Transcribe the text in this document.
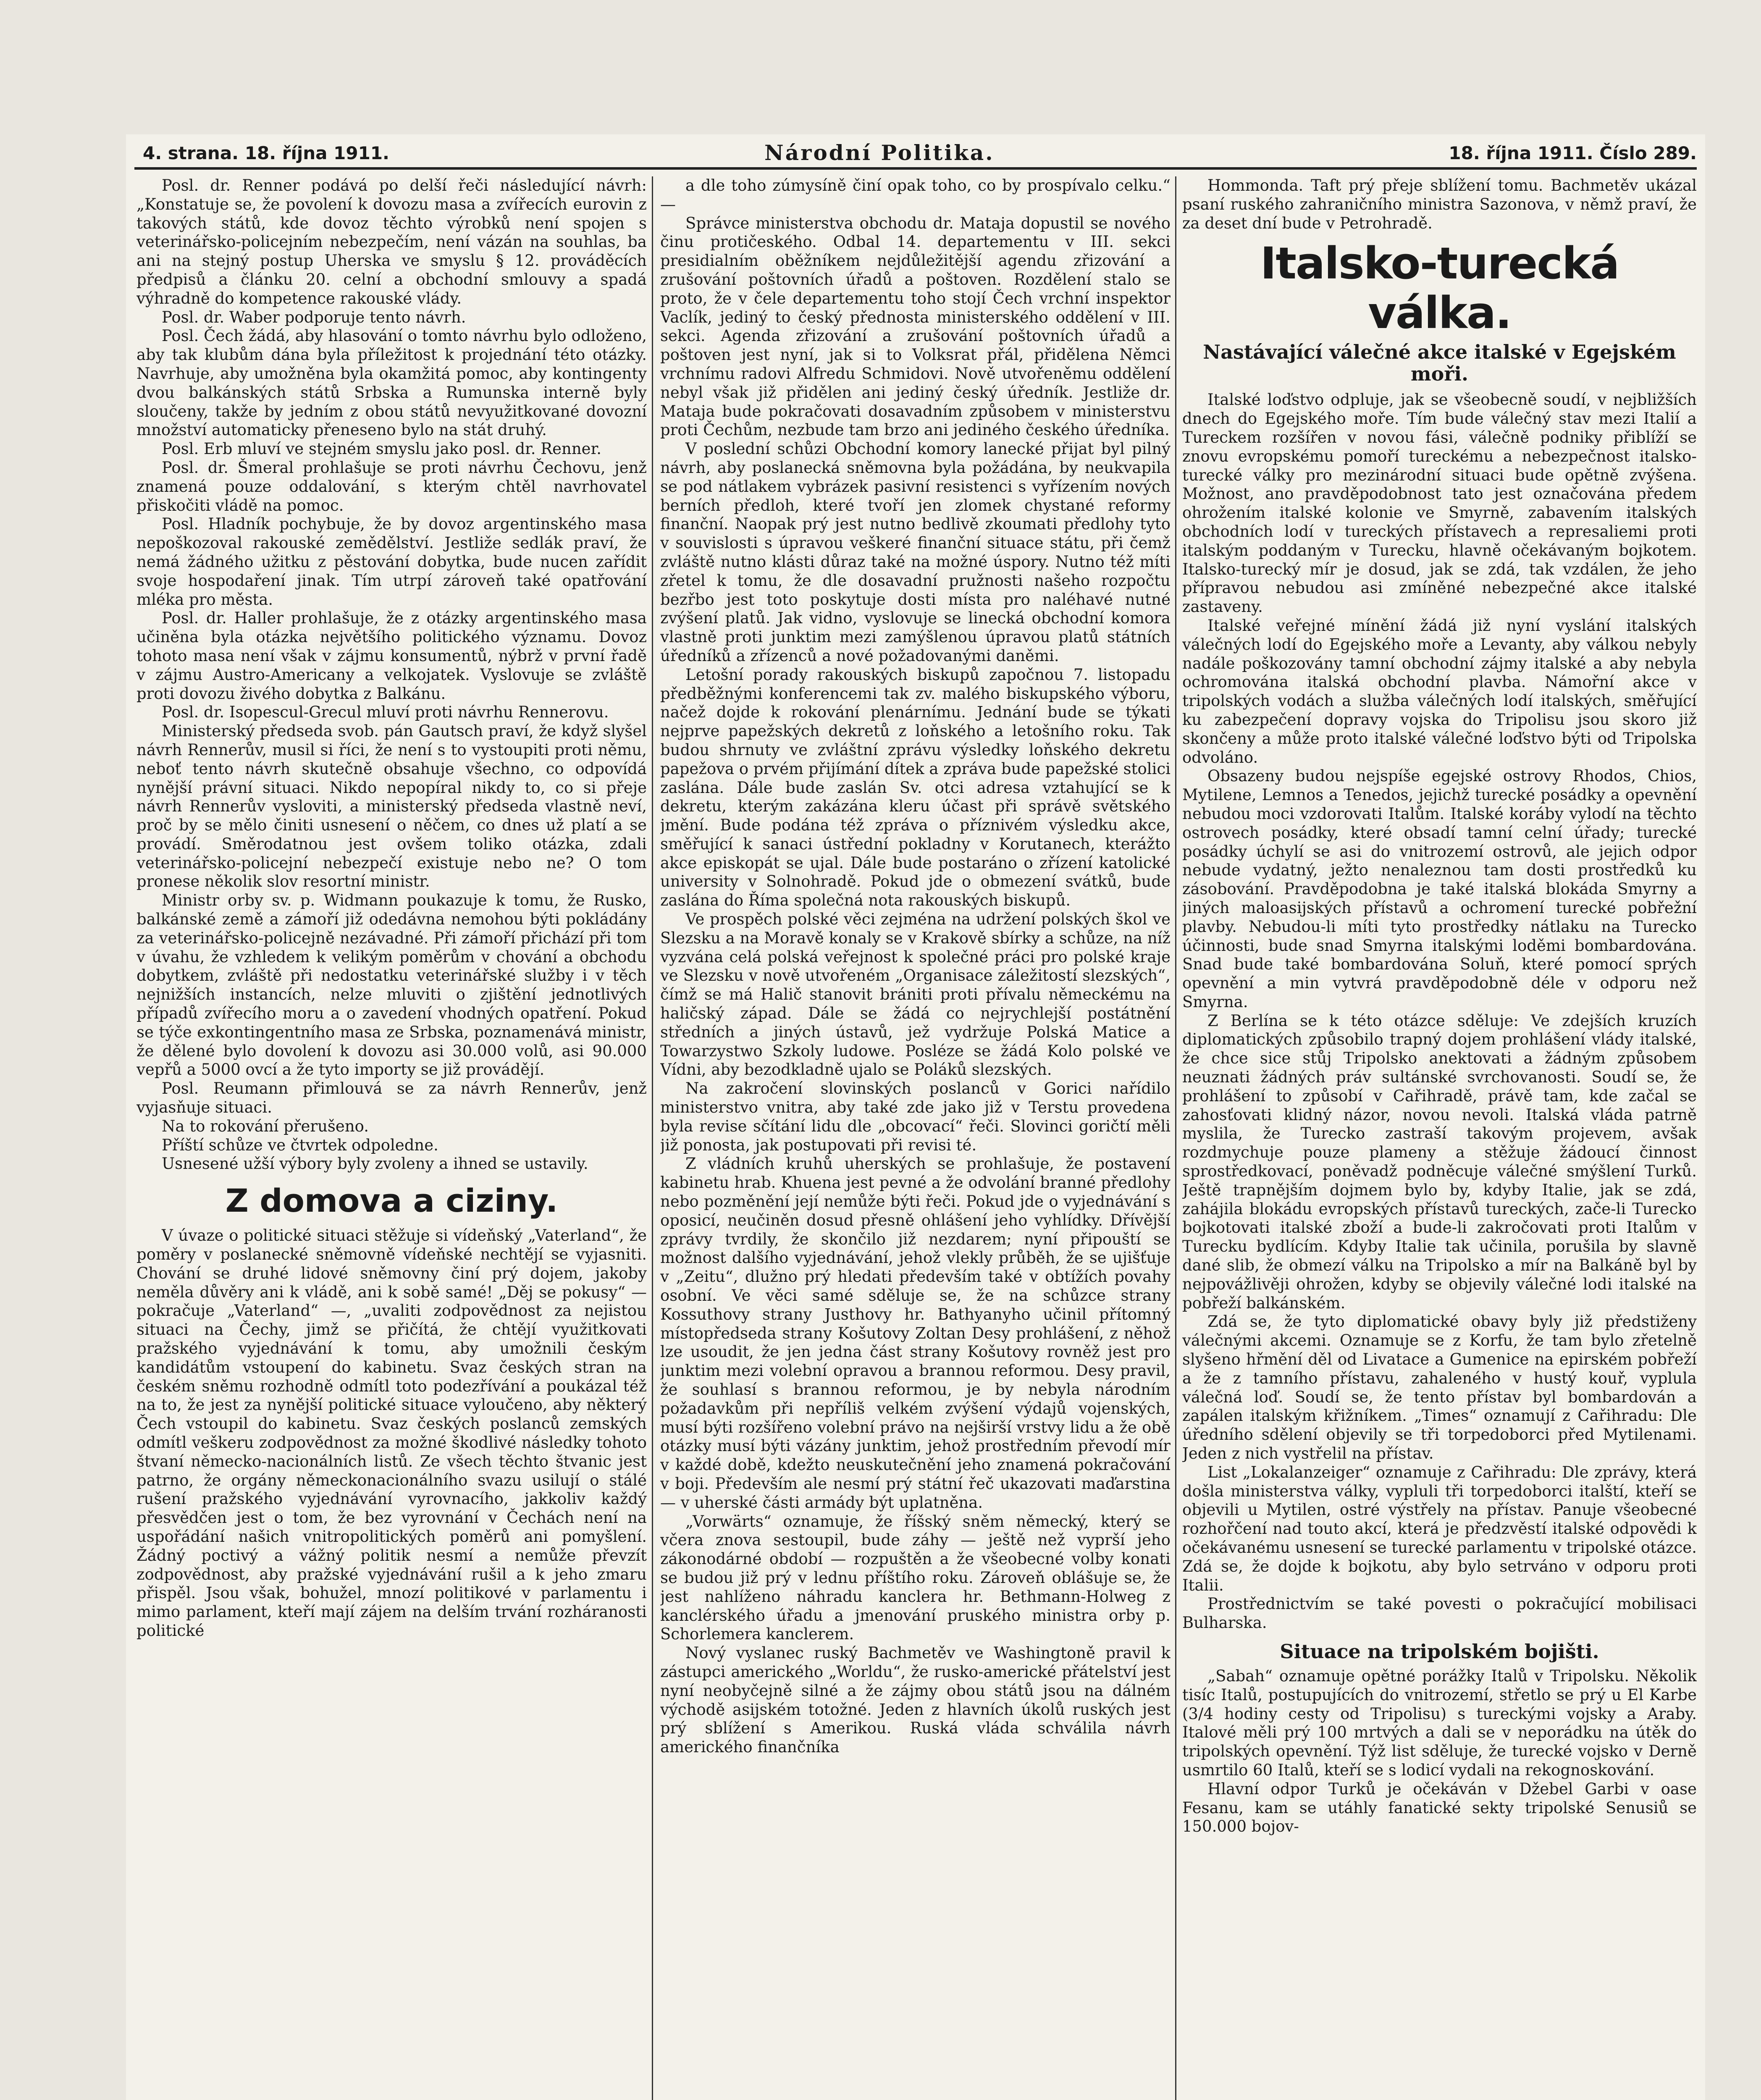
4. strana. 18. října 1911.	Národní Politika.	18. října 1911. Číslo 289.

Posl. dr. Renner podává po delší řeči následující návrh: „Konstatuje se, že povolení k dovozu masa a zvířecích eurovin z takových států, kde dovoz těchto výrobků není spojen s veterinářsko-policejním nebezpečím, není vázán na souhlas, ba ani na stejný postup Uherska ve smyslu § 12. prováděcích předpisů a článku 20. celní a obchodní smlouvy a spadá výhradně do kompetence rakouské vlády.

Posl. dr. Waber podporuje tento návrh.

Posl. Čech žádá, aby hlasování o tomto návrhu bylo odloženo, aby tak klubům dána byla příležitost k projednání této otázky. Navrhuje, aby umožněna byla okamžitá pomoc, aby kontingenty dvou balkánských států Srbska a Rumunska interně byly sloučeny, takže by jedním z obou států nevyužitkované dovozní množství automaticky přeneseno bylo na stát druhý.

Posl. Erb mluví ve stejném smyslu jako posl. dr. Renner.

Posl. dr. Šmeral prohlašuje se proti návrhu Čechovu, jenž znamená pouze oddalování, s kterým chtěl navrhovatel přiskočiti vládě na pomoc.

Posl. Hladník pochybuje, že by dovoz argentinského masa nepoškozoval rakouské zemědělství. Jestliže sedlák praví, že nemá žádného užitku z pěstování dobytka, bude nucen zařídit svoje hospodaření jinak. Tím utrpí zároveň také opatřování mléka pro města.

Posl. dr. Haller prohlašuje, že z otázky argentinského masa učiněna byla otázka největšího politického významu. Dovoz tohoto masa není však v zájmu konsumentů, nýbrž v první řadě v zájmu Austro-Americany a velkojatek. Vyslovuje se zvláště proti dovozu živého dobytka z Balkánu.

Posl. dr. Isopescul-Grecul mluví proti návrhu Rennerovu.

Ministerský předseda svob. pán Gautsch praví, že když slyšel návrh Rennerův, musil si říci, že není s to vystoupiti proti němu, neboť tento návrh skutečně obsahuje všechno, co odpovídá nynější právní situaci. Nikdo nepopíral nikdy to, co si přeje návrh Rennerův vysloviti, a ministerský předseda vlastně neví, proč by se mělo činiti usnesení o něčem, co dnes už platí a se provádí. Směrodatnou jest ovšem toliko otázka, zdali veterinářsko-policejní nebezpečí existuje nebo ne? O tom pronese několik slov resortní ministr.

Ministr orby sv. p. Widmann poukazuje k tomu, že Rusko, balkánské země a zámoří již odedávna nemohou býti pokládány za veterinářsko-policejně nezávadné. Při zámoří přichází při tom v úvahu, že vzhledem k velikým poměrům v chování a obchodu dobytkem, zvláště při nedostatku veterinářské služby i v těch nejnižších instancích, nelze mluviti o zjištění jednotlivých případů zvířecího moru a o zavedení vhodných opatření. Pokud se týče exkontingentního masa ze Srbska, poznamenává ministr, že dělené bylo dovolení k dovozu asi 30.000 volů, asi 90.000 vepřů a 5000 ovcí a že tyto importy se již provádějí.

Posl. Reumann přimlouvá se za návrh Rennerův, jenž vyjasňuje situaci.

Na to rokování přerušeno.

Příští schůze ve čtvrtek odpoledne.

Usnesené užší výbory byly zvoleny a ihned se ustavily.

Z domova a ciziny.

V úvaze o politické situaci stěžuje si vídeňský „Vaterland“, že poměry v poslanecké sněmovně vídeňské nechtějí se vyjasniti. Chování se druhé lidové sněmovny činí prý dojem, jakoby neměla důvěry ani k vládě, ani k sobě samé! „Děj se pokusy“ — pokračuje „Vaterland“ —, „uvaliti zodpovědnost za nejistou situaci na Čechy, jimž se přičítá, že chtějí využitkovati pražského vyjednávání k tomu, aby umožnili českým kandidátům vstoupení do kabinetu. Svaz českých stran na českém sněmu rozhodně odmítl toto podezřívání a poukázal též na to, že jest za nynější politické situace vyloučeno, aby některý Čech vstoupil do kabinetu. Svaz českých poslanců zemských odmítl veškeru zodpovědnost za možné škodlivé následky tohoto štvaní německo-nacionálních listů. Ze všech těchto štvanic jest patrno, že orgány německonacionálního svazu usilují o stálé rušení pražského vyjednávání vyrovnacího, jakkoliv každý přesvědčen jest o tom, že bez vyrovnání v Čechách není na uspořádání našich vnitropolitických poměrů ani pomyšlení. Žádný poctivý a vážný politik nesmí a nemůže převzít zodpovědnost, aby pražské vyjednávání rušil a k jeho zmaru přispěl. Jsou však, bohužel, mnozí politikové v parlamentu i mimo parlament, kteří mají zájem na delším trvání rozháranosti politické

a dle toho zúmysíně činí opak toho, co by prospívalo celku.“ —

Správce ministerstva obchodu dr. Mataja dopustil se nového činu protičeského. Odbal 14. departementu v III. sekci presidialním oběžníkem nejdůležitější agendu zřizování a zrušování poštovních úřadů a poštoven. Rozdělení stalo se proto, že v čele departementu toho stojí Čech vrchní inspektor Vaclík, jediný to český přednosta ministerského oddělení v III. sekci. Agenda zřizování a zrušování poštovních úřadů a poštoven jest nyní, jak si to Volksrat přál, přidělena Němci vrchnímu radovi Alfredu Schmidovi. Nově utvořeněmu oddělení nebyl však již přidělen ani jediný český úředník. Jestliže dr. Mataja bude pokračovati dosavadním způsobem v ministerstvu proti Čechům, nezbude tam brzo ani jediného českého úředníka.

V poslední schůzi Obchodní komory lanecké přijat byl pilný návrh, aby poslanecká sněmovna byla požádána, by neukvapila se pod nátlakem vybrázek pasivní resistenci s vyřízením nových berních předloh, které tvoří jen zlomek chystané reformy finanční. Naopak prý jest nutno bedlivě zkoumati předlohy tyto v souvislosti s úpravou veškeré finanční situace státu, při čemž zvláště nutno klásti důraz také na možné úspory. Nutno též míti zřetel k tomu, že dle dosavadní pružnosti našeho rozpočtu bezřbo jest toto poskytuje dosti místa pro naléhavé nutné zvýšení platů. Jak vidno, vyslovuje se linecká obchodní komora vlastně proti junktim mezi zamýšlenou úpravou platů státních úředníků a zřízenců a nové požadovanými daněmi.

Letošní porady rakouských biskupů započnou 7. listopadu předběžnými konferencemi tak zv. malého biskupského výboru, načež dojde k rokování plenárnímu. Jednání bude se týkati nejprve papežských dekretů z loňského a letošního roku. Tak budou shrnuty ve zvláštní zprávu výsledky loňského dekretu papežova o prvém přijímání dítek a zpráva bude papežské stolici zaslána. Dále bude zaslán Sv. otci adresa vztahující se k dekretu, kterým zakázána kleru účast při správě světského jmění. Bude podána též zpráva o příznivém výsledku akce, směřující k sanaci ústřední pokladny v Korutanech, kterážto akce episkopát se ujal. Dále bude postaráno o zřízení katolické university v Solnohradě. Pokud jde o obmezení svátků, bude zaslána do Říma společná nota rakouských biskupů.

Ve prospěch polské věci zejména na udržení polských škol ve Slezsku a na Moravě konaly se v Krakově sbírky a schůze, na níž vyzvána celá polská veřejnost k společné práci pro polské kraje ve Slezsku v nově utvořeném „Organisace záležitostí slezských“, čímž se má Halič stanovit brániti proti přívalu německému na haličský západ. Dále se žádá co nejrychlejší postátnění středních a jiných ústavů, jež vydržuje Polská Matice a Towarzystwo Szkoly ludowe. Posléze se žádá Kolo polské ve Vídni, aby bezodkladně ujalo se Poláků slezských.

Na zakročení slovinských poslanců v Gorici nařídilo ministerstvo vnitra, aby také zde jako již v Terstu provedena byla revise sčítání lidu dle „obcovací“ řeči. Slovinci goričtí měli již ponosta, jak postupovati při revisi té.

Z vládních kruhů uherských se prohlašuje, že postavení kabinetu hrab. Khuena jest pevné a že odvolání branné předlohy nebo pozměnění její nemůže býti řeči. Pokud jde o vyjednávání s oposicí, neučiněn dosud přesně ohlášení jeho vyhlídky. Dřívější zprávy tvrdily, že skončilo již nezdarem; nyní připouští se možnost dalšího vyjednávání, jehož vlekly průběh, že se ujišťuje v „Zeitu“, dlužno prý hledati především také v obtížích povahy osobní. Ve věci samé sděluje se, že na schůzce strany Kossuthovy strany Justhovy hr. Bathyanyho učinil přítomný místopředseda strany Košutovy Zoltan Desy prohlášení, z něhož lze usoudit, že jen jedna část strany Košutovy rovněž jest pro junktim mezi volební opravou a brannou reformou. Desy pravil, že souhlasí s brannou reformou, je by nebyla národním požadavkům při nepříliš velkém zvýšení výdajů vojenských, musí býti rozšířeno volební právo na nejširší vrstvy lidu a že obě otázky musí býti vázány junktim, jehož prostředním převodí mír v každé době, kdežto neuskutečnění jeho znamená pokračování v boji. Především ale nesmí prý státní řeč ukazovati maďarstina — v uherské části armády být uplatněna.

„Vorwärts“ oznamuje, že říšský sněm německý, který se včera znova sestoupil, bude záhy — ještě než vyprší jeho zákonodárné období — rozpuštěn a že všeobecné volby konati se budou již prý v lednu příštího roku. Zároveň oblášuje se, že jest nahlíženo náhradu kanclera hr. Bethmann-Holweg z kanclérského úřadu a jmenování pruského ministra orby p. Schorlemera kanclerem.

Nový vyslanec ruský Bachmetěv ve Washingtoně pravil k zástupci amerického „Worldu“, že rusko-americké přátelství jest nyní neobyčejně silné a že zájmy obou států jsou na dálném východě asijském totožné. Jeden z hlavních úkolů ruských jest prý sblížení s Amerikou. Ruská vláda schválila návrh amerického finančníka

Hommonda. Taft prý přeje sblížení tomu. Bachmetěv ukázal psaní ruského zahraničního ministra Sazonova, v němž praví, že za deset dní bude v Petrohradě.

Italsko-turecká válka.
Nastávající válečné akce italské v Egejském moři.

Italské loďstvo odpluje, jak se všeobecně soudí, v nejbližších dnech do Egejského moře. Tím bude válečný stav mezi Italií a Tureckem rozšířen v novou fási, válečně podniky přiblíží se znovu evropskému pomoří tureckému a nebezpečnost italsko-turecké války pro mezinárodní situaci bude opětně zvýšena. Možnost, ano pravděpodobnost tato jest označována předem ohrožením italské kolonie ve Smyrně, zabavením italských obchodních lodí v tureckých přístavech a represaliemi proti italským poddaným v Turecku, hlavně očekávaným bojkotem. Italsko-turecký mír je dosud, jak se zdá, tak vzdálen, že jeho přípravou nebudou asi zmíněné nebezpečné akce italské zastaveny.

Italské veřejné mínění žádá již nyní vyslání italských válečných lodí do Egejského moře a Levanty, aby válkou nebyly nadále poškozovány tamní obchodní zájmy italské a aby nebyla ochromována italská obchodní plavba. Námořní akce v tripolských vodách a služba válečných lodí italských, směřující ku zabezpečení dopravy vojska do Tripolisu jsou skoro již skončeny a může proto italské válečné loďstvo býti od Tripolska odvoláno.

Obsazeny budou nejspíše egejské ostrovy Rhodos, Chios, Mytilene, Lemnos a Tenedos, jejichž turecké posádky a opevnění nebudou moci vzdorovati Italům. Italské koráby vylodí na těchto ostrovech posádky, které obsadí tamní celní úřady; turecké posádky úchylí se asi do vnitrozemí ostrovů, ale jejich odpor nebude vydatný, ježto nenaleznou tam dosti prostředků ku zásobování. Pravděpodobna je také italská blokáda Smyrny a jiných maloasijských přístavů a ochromení turecké pobřežní plavby. Nebudou-li míti tyto prostředky nátlaku na Turecko účinnosti, bude snad Smyrna italskými loděmi bombardována. Snad bude také bombardována Soluň, které pomocí sprých opevnění a min vytvrá pravděpodobně déle v odporu než Smyrna.

Z Berlína se k této otázce sděluje: Ve zdejších kruzích diplomatických způsobilo trapný dojem prohlášení vlády italské, že chce sice stůj Tripolsko anektovati a žádným způsobem neuznati žádných práv sultánské svrchovanosti. Soudí se, že prohlášení to způsobí v Cařihradě, právě tam, kde začal se zahosťovati klidný názor, novou nevoli. Italská vláda patrně myslila, že Turecko zastraší takovým projevem, avšak rozdmychuje pouze plameny a stěžuje žádoucí činnost sprostředkovací, poněvadž podněcuje válečné smýšlení Turků. Ještě trapnějším dojmem bylo by, kdyby Italie, jak se zdá, zahájila blokádu evropských přístavů tureckých, zače-li Turecko bojkotovati italské zboží a bude-li zakročovati proti Italům v Turecku bydlícím. Kdyby Italie tak učinila, porušila by slavně dané slib, že obmezí válku na Tripolsko a mír na Balkáně byl by nejpovážlivěji ohrožen, kdyby se objevily válečné lodi italské na pobřeží balkánském.

Zdá se, že tyto diplomatické obavy byly již předstiženy válečnými akcemi. Oznamuje se z Korfu, že tam bylo zřetelně slyšeno hřmění děl od Livatace a Gumenice na epirském pobřeží a že z tamního přístavu, zahaleného v hustý kouř, vyplula válečná loď. Soudí se, že tento přístav byl bombardován a zapálen italským křižníkem. „Times“ oznamují z Cařihradu: Dle úředního sdělení objevily se tři torpedoborci před Mytilenami. Jeden z nich vystřelil na přístav.

List „Lokalanzeiger“ oznamuje z Cařihradu: Dle zprávy, která došla ministerstva války, vypluli tři torpedoborci italští, kteří se objevili u Mytilen, ostré výstřely na přístav. Panuje všeobecné rozhořčení nad touto akcí, která je předzvěstí italské odpovědi k očekávanému usnesení se turecké parlamentu v tripolské otázce. Zdá se, že dojde k bojkotu, aby bylo setrváno v odporu proti Italii.

Prostřednictvím se také povesti o pokračující mobilisaci Bulharska.

Situace na tripolském bojišti.

„Sabah“ oznamuje opětné porážky Italů v Tripolsku. Několik tisíc Italů, postupujících do vnitrozemí, střetlo se prý u El Karbe (3/4 hodiny cesty od Tripolisu) s tureckými vojsky a Araby. Italové měli prý 100 mrtvých a dali se v neporádku na útěk do tripolských opevnění. Týž list sděluje, že turecké vojsko v Derně usmrtilo 60 Italů, kteří se s lodicí vydali na rekognoskování.

Hlavní odpor Turků je očekáván v Džebel Garbi v oase Fesanu, kam se utáhly fanatické sekty tripolské Senusiů se 150.000 bojov-
